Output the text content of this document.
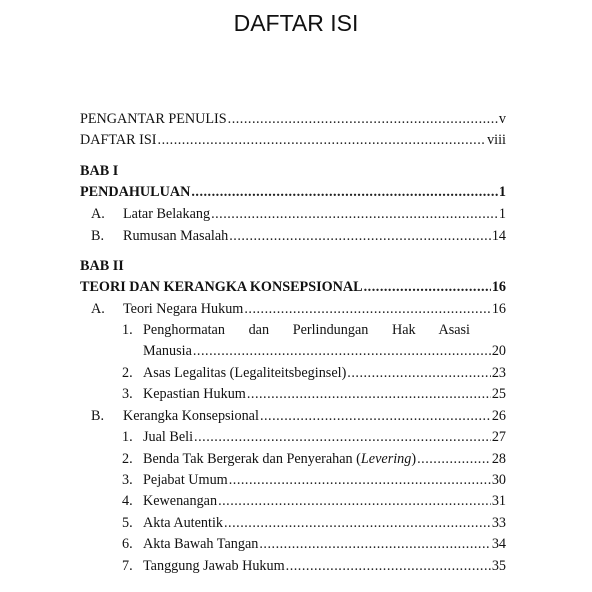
DAFTAR ISI
PENGANTAR PENULIS .....	v
DAFTAR ISI .....	viii
BAB I
PENDAHULUAN .....	1
A.	Latar Belakang .....	1
B.	Rumusan Masalah .....	14
BAB II
TEORI DAN KERANGKA KONSEPSIONAL .....	16
A.	Teori Negara Hukum .....	16
1. Penghormatan dan Perlindungan Hak Asasi
Manusia .....	20
2. Asas Legalitas (Legaliteitsbeginsel) .....	23
3. Kepastian Hukum .....	25
B.	Kerangka Konsepsional .....	26
1. Jual Beli .....	27
2. Benda Tak Bergerak dan Penyerahan ( Levering ) .....	28
3. Pejabat Umum .....	30
4. Kewenangan .....	31
5. Akta Autentik .....	33
6. Akta Bawah Tangan .....	34
7. Tanggung Jawab Hukum .....	35
